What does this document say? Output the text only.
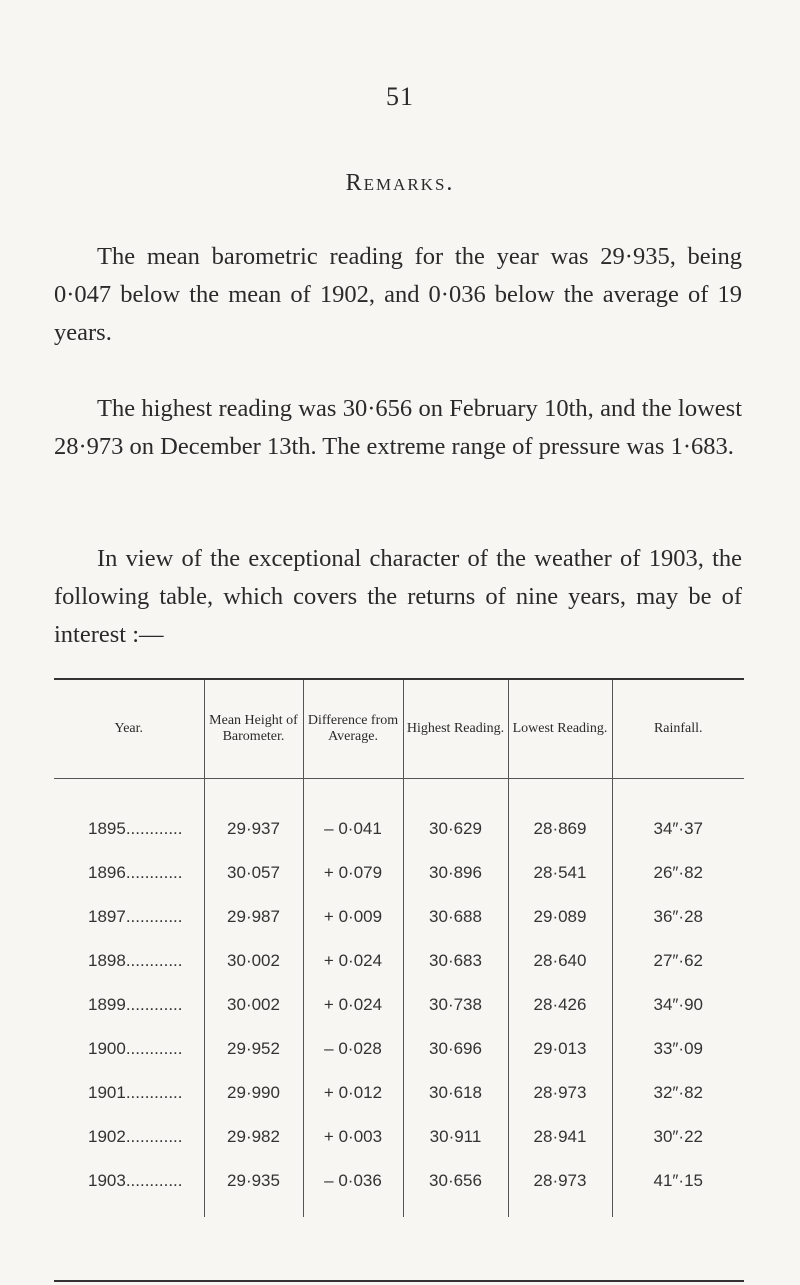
51
Remarks.

The mean barometric reading for the year was 29·935, being 0·047 below the mean of 1902, and 0·036 below the average of 19 years.

The highest reading was 30·656 on February 10th, and the lowest 28·973 on December 13th. The extreme range of pressure was 1·683.

In view of the exceptional character of the weather of 1903, the following table, which covers the returns of nine years, may be of interest :—

Year.	Mean Height of Barometer.	Difference from Average.	Highest Reading.	Lowest Reading.	Rainfall.
1895............	29·937	– 0·041	30·629	28·869	34″·37
1896............	30·057	+ 0·079	30·896	28·541	26″·82
1897............	29·987	+ 0·009	30·688	29·089	36″·28
1898............	30·002	+ 0·024	30·683	28·640	27″·62
1899............	30·002	+ 0·024	30·738	28·426	34″·90
1900............	29·952	– 0·028	30·696	29·013	33″·09
1901............	29·990	+ 0·012	30·618	28·973	32″·82
1902............	29·982	+ 0·003	30·911	28·941	30″·22
1903............	29·935	– 0·036	30·656	28·973	41″·15
